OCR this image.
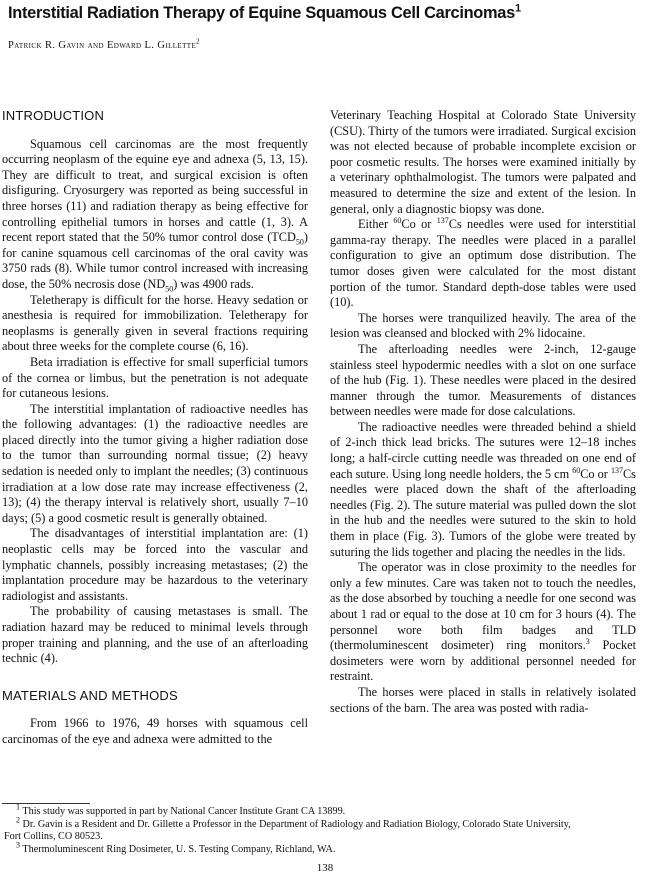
Interstitial Radiation Therapy of Equine Squamous Cell Carcinomas$^1$
Patrick R. Gavin and Edward L. Gillette$^2$
INTRODUCTION

Squamous cell carcinomas are the most frequently occurring neoplasm of the equine eye and adnexa (5, 13, 15). They are difficult to treat, and surgical excision is often disfiguring. Cryosurgery was reported as being successful in three horses (11) and radiation therapy as being effective for controlling epithelial tumors in horses and cattle (1, 3). A recent report stated that the 50% tumor control dose $(TCD_{50})$ for canine squamous cell carcinomas of the oral cavity was 3750 rads (8). While tumor control increased with increasing dose, the 50% necrosis dose $(ND_{50})$ was 4900 rads.

Teletherapy is difficult for the horse. Heavy sedation or anesthesia is required for immobilization. Teletherapy for neoplasms is generally given in several fractions requiring about three weeks for the complete course (6, 16).

Beta irradiation is effective for small superficial tumors of the cornea or limbus, but the penetration is not adequate for cutaneous lesions.

The interstitial implantation of radioactive needles has the following advantages: (1) the radioactive needles are placed directly into the tumor giving a higher radiation dose to the tumor than surrounding normal tissue; (2) heavy sedation is needed only to implant the needles; (3) continuous irradiation at a low dose rate may increase effectiveness (2, 13); (4) the therapy interval is relatively short, usually 7–10 days; (5) a good cosmetic result is generally obtained.

The disadvantages of interstitial implantation are: (1) neoplastic cells may be forced into the vascular and lymphatic channels, possibly increasing metastases; (2) the implantation procedure may be hazardous to the veterinary radiologist and assistants.

The probability of causing metastases is small. The radiation hazard may be reduced to minimal levels through proper training and planning, and the use of an afterloading technic (4).

MATERIALS AND METHODS

From 1966 to 1976, 49 horses with squamous cell carcinomas of the eye and adnexa were admitted to the

Veterinary Teaching Hospital at Colorado State University (CSU). Thirty of the tumors were irradiated. Surgical excision was not elected because of probable incomplete excision or poor cosmetic results. The horses were examined initially by a veterinary ophthalmologist. The tumors were palpated and measured to determine the size and extent of the lesion. In general, only a diagnostic biopsy was done.

Either $^{60}$Co or $^{137}$Cs needles were used for interstitial gamma-ray therapy. The needles were placed in a parallel configuration to give an optimum dose distribution. The tumor doses given were calculated for the most distant portion of the tumor. Standard depth-dose tables were used (10).

The horses were tranquilized heavily. The area of the lesion was cleansed and blocked with 2% lidocaine.

The afterloading needles were 2-inch, 12-gauge stainless steel hypodermic needles with a slot on one surface of the hub (Fig. 1). These needles were placed in the desired manner through the tumor. Measurements of distances between needles were made for dose calculations.

The radioactive needles were threaded behind a shield of 2-inch thick lead bricks. The sutures were 12–18 inches long; a half-circle cutting needle was threaded on one end of each suture. Using long needle holders, the 5 cm $^{60}$Co or $^{137}$Cs needles were placed down the shaft of the afterloading needles (Fig. 2). The suture material was pulled down the slot in the hub and the needles were sutured to the skin to hold them in place (Fig. 3). Tumors of the globe were treated by suturing the lids together and placing the needles in the lids.

The operator was in close proximity to the needles for only a few minutes. Care was taken not to touch the needles, as the dose absorbed by touching a needle for one second was about 1 rad or equal to the dose at 10 cm for 3 hours (4). The personnel wore both film badges and TLD (thermoluminescent dosimeter) ring monitors.$^3$ Pocket dosimeters were worn by additional personnel needed for restraint.

The horses were placed in stalls in relatively isolated sections of the barn. The area was posted with radia-

$^1$ This study was supported in part by National Cancer Institute Grant CA 13899.

$^2$ Dr. Gavin is a Resident and Dr. Gillette a Professor in the Department of Radiology and Radiation Biology, Colorado State University,

Fort Collins, CO 80523.

$^3$ Thermoluminescent Ring Dosimeter, U. S. Testing Company, Richland, WA.

138
